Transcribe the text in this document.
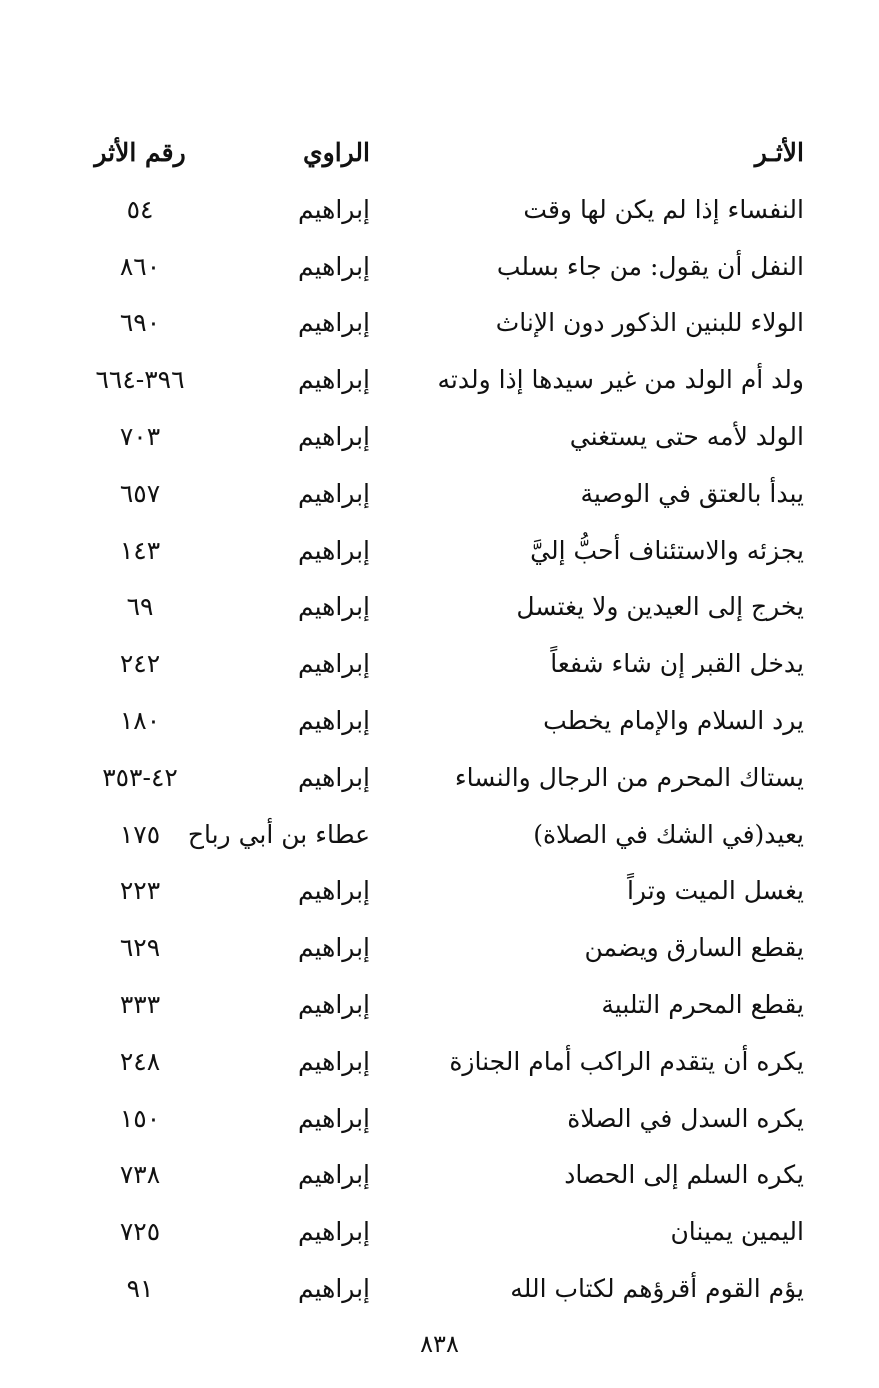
الأثـر
الراوي
رقم الأثر
النفساء إذا لم يكن لها وقت
إبراهيم
٥٤
النفل أن يقول: من جاء بسلب
إبراهيم
٨٦٠
الولاء للبنين الذكور دون الإناث
إبراهيم
٦٩٠
ولد أم الولد من غير سيدها إذا ولدته
إبراهيم
٣٩٦-٦٦٤
الولد لأمه حتى يستغني
إبراهيم
٧٠٣
يبدأ بالعتق في الوصية
إبراهيم
٦٥٧
يجزئه والاستئناف أحبُّ إليَّ
إبراهيم
١٤٣
يخرج إلى العيدين ولا يغتسل
إبراهيم
٦٩
يدخل القبر إن شاء شفعاً
إبراهيم
٢٤٢
يرد السلام والإمام يخطب
إبراهيم
١٨٠
يستاك المحرم من الرجال والنساء
إبراهيم
٤٢-٣٥٣
يعيد(في الشك في الصلاة)
عطاء بن أبي رباح
١٧٥
يغسل الميت وتراً
إبراهيم
٢٢٣
يقطع السارق ويضمن
إبراهيم
٦٢٩
يقطع المحرم التلبية
إبراهيم
٣٣٣
يكره أن يتقدم الراكب أمام الجنازة
إبراهيم
٢٤٨
يكره السدل في الصلاة
إبراهيم
١٥٠
يكره السلم إلى الحصاد
إبراهيم
٧٣٨
اليمين يمينان
إبراهيم
٧٢٥
يؤم القوم أقرؤهم لكتاب الله
إبراهيم
٩١
٨٣٨
